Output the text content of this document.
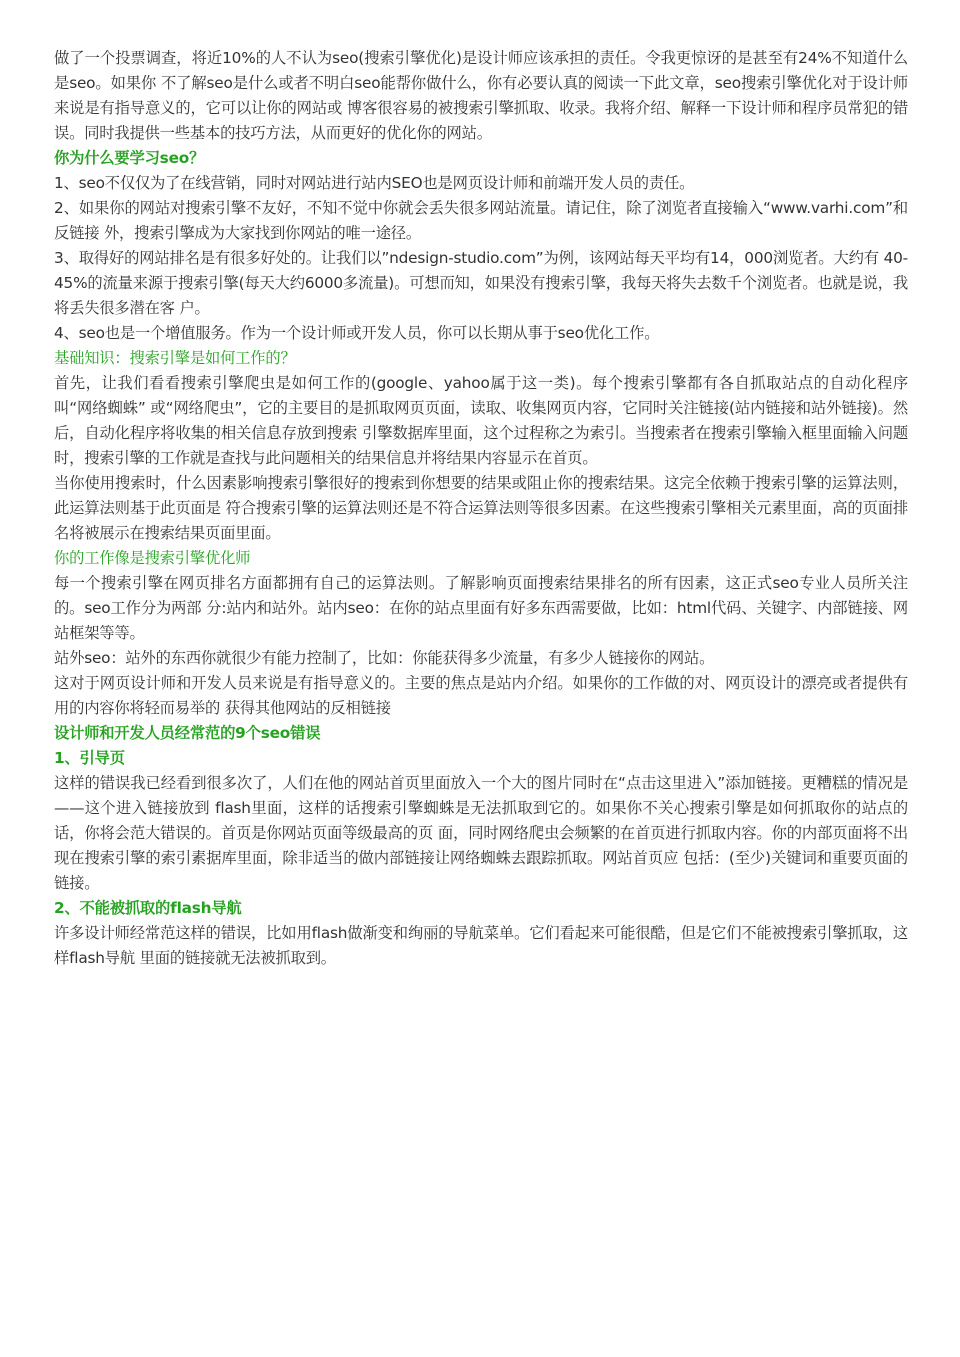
做了一个投票调查，将近10%的人不认为seo(搜索引擎优化)是设计师应该承担的责任。令我更惊讶的是甚至有24%不知道什么是seo。如果你 不了解seo是什么或者不明白seo能帮你做什么，你有必要认真的阅读一下此文章，seo搜索引擎优化对于设计师来说是有指导意义的，它可以让你的网站或 博客很容易的被搜索引擎抓取、收录。我将介绍、解释一下设计师和程序员常犯的错误。同时我提供一些基本的技巧方法，从而更好的优化你的网站。

你为什么要学习seo？

1、seo不仅仅为了在线营销，同时对网站进行站内SEO也是网页设计师和前端开发人员的责任。

2、如果你的网站对搜索引擎不友好，不知不觉中你就会丢失很多网站流量。请记住，除了浏览者直接输入“www.varhi.com”和反链接 外，搜索引擎成为大家找到你网站的唯一途径。

3、取得好的网站排名是有很多好处的。让我们以”ndesign-studio.com”为例，该网站每天平均有14，000浏览者。大约有 40-45%的流量来源于搜索引擎(每天大约6000多流量)。可想而知，如果没有搜索引擎，我每天将失去数千个浏览者。也就是说，我将丢失很多潜在客 户。

4、seo也是一个增值服务。作为一个设计师或开发人员，你可以长期从事于seo优化工作。

基础知识：搜索引擎是如何工作的？

首先，让我们看看搜索引擎爬虫是如何工作的(google、yahoo属于这一类)。每个搜索引擎都有各自抓取站点的自动化程序叫“网络蜘蛛” 或“网络爬虫”，它的主要目的是抓取网页页面，读取、收集网页内容，它同时关注链接(站内链接和站外链接)。然后，自动化程序将收集的相关信息存放到搜索 引擎数据库里面，这个过程称之为索引。当搜索者在搜索引擎输入框里面输入问题时，搜索引擎的工作就是查找与此问题相关的结果信息并将结果内容显示在首页。

当你使用搜索时，什么因素影响搜索引擎很好的搜索到你想要的结果或阻止你的搜索结果。这完全依赖于搜索引擎的运算法则，此运算法则基于此页面是 符合搜索引擎的运算法则还是不符合运算法则等很多因素。在这些搜索引擎相关元素里面，高的页面排名将被展示在搜索结果页面里面。

你的工作像是搜索引擎优化师

每一个搜索引擎在网页排名方面都拥有自己的运算法则。了解影响页面搜索结果排名的所有因素，这正式seo专业人员所关注的。seo工作分为两部 分:站内和站外。站内seo：在你的站点里面有好多东西需要做，比如：html代码、关键字、内部链接、网站框架等等。

站外seo：站外的东西你就很少有能力控制了，比如：你能获得多少流量，有多少人链接你的网站。

这对于网页设计师和开发人员来说是有指导意义的。主要的焦点是站内介绍。如果你的工作做的对、网页设计的漂亮或者提供有用的内容你将轻而易举的 获得其他网站的反相链接

设计师和开发人员经常范的9个seo错误
1、引导页

这样的错误我已经看到很多次了，人们在他的网站首页里面放入一个大的图片同时在“点击这里进入”添加链接。更糟糕的情况是——这个进入链接放到 flash里面，这样的话搜索引擎蜘蛛是无法抓取到它的。如果你不关心搜索引擎是如何抓取你的站点的话，你将会范大错误的。首页是你网站页面等级最高的页 面，同时网络爬虫会频繁的在首页进行抓取内容。你的内部页面将不出现在搜索引擎的索引素据库里面，除非适当的做内部链接让网络蜘蛛去跟踪抓取。网站首页应 包括：(至少)关键词和重要页面的链接。

2、不能被抓取的flash导航

许多设计师经常范这样的错误，比如用flash做渐变和绚丽的导航菜单。它们看起来可能很酷，但是它们不能被搜索引擎抓取，这样flash导航 里面的链接就无法被抓取到。
